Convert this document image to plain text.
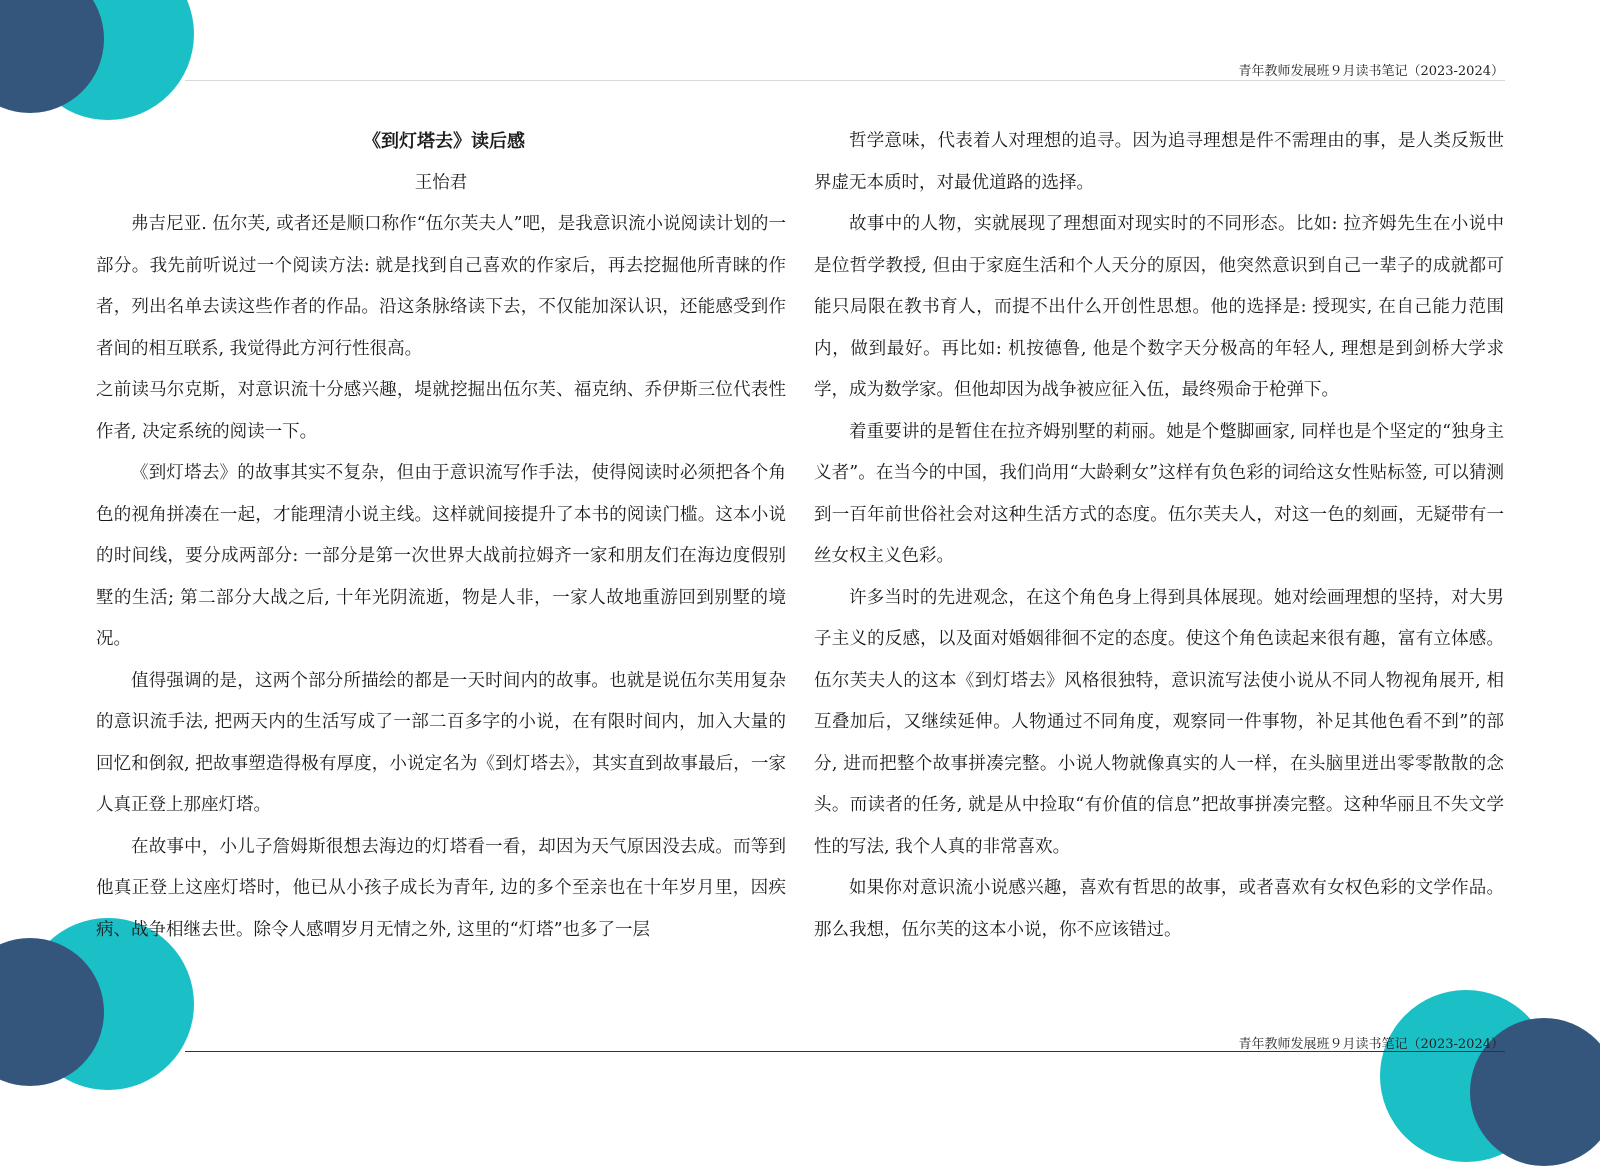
青年教师发展班９月读书笔记（2023-2024）
《到灯塔去》读后感
王怡君

弗吉尼亚. 伍尔芙, 或者还是顺口称作“伍尔芙夫人”吧，是我意识流小说阅读计划的一部分。我先前听说过一个阅读方法: 就是找到自己喜欢的作家后，再去挖掘他所青睐的作者，列出名单去读这些作者的作品。沿这条脉络读下去，不仅能加深认识，还能感受到作者间的相互联系, 我觉得此方河行性很高。

之前读马尔克斯，对意识流十分感兴趣，堤就挖掘出伍尔芙、福克纳、乔伊斯三位代表性作者, 决定系统的阅读一下。

《到灯塔去》的故事其实不复杂，但由于意识流写作手法，使得阅读时必须把各个角色的视角拼凑在一起，才能理清小说主线。这样就间接提升了本书的阅读门槛。这本小说的时间线，要分成两部分: 一部分是第一次世界大战前拉姆齐一家和朋友们在海边度假别墅的生活; 第二部分大战之后, 十年光阴流逝，物是人非，一家人故地重游回到别墅的境况。

值得强调的是，这两个部分所描绘的都是一天时间内的故事。也就是说伍尔芙用复杂的意识流手法, 把两天内的生活写成了一部二百多字的小说，在有限时间内，加入大量的回忆和倒叙, 把故事塑造得极有厚度，小说定名为《到灯塔去》，其实直到故事最后，一家人真正登上那座灯塔。

在故事中，小儿子詹姆斯很想去海边的灯塔看一看，却因为天气原因没去成。而等到他真正登上这座灯塔时，他已从小孩子成长为青年, 边的多个至亲也在十年岁月里，因疾病、战争相继去世。除令人感喟岁月无情之外, 这里的“灯塔”也多了一层

哲学意味，代表着人对理想的追寻。因为追寻理想是件不需理由的事，是人类反叛世界虚无本质时，对最优道路的选择。

故事中的人物，实就展现了理想面对现实时的不同形态。比如: 拉齐姆先生在小说中是位哲学教授, 但由于家庭生活和个人天分的原因，他突然意识到自己一辈子的成就都可能只局限在教书育人，而提不出什么开创性思想。他的选择是: 授现实, 在自己能力范围内，做到最好。再比如: 机按德鲁, 他是个数字天分极高的年轻人, 理想是到剑桥大学求学，成为数学家。但他却因为战争被应征入伍，最终殒命于枪弹下。

着重要讲的是暂住在拉齐姆别墅的莉丽。她是个蹩脚画家, 同样也是个坚定的“独身主义者”。在当今的中国，我们尚用“大龄剩女”这样有负色彩的词给这女性贴标签, 可以猜测到一百年前世俗社会对这种生活方式的态度。伍尔芙夫人，对这一色的刻画，无疑带有一丝女权主义色彩。

许多当时的先进观念，在这个角色身上得到具体展现。她对绘画理想的坚持，对大男子主义的反感，以及面对婚姻徘徊不定的态度。使这个角色读起来很有趣，富有立体感。伍尔芙夫人的这本《到灯塔去》风格很独特，意识流写法使小说从不同人物视角展开, 相互叠加后，又继续延伸。人物通过不同角度，观察同一件事物，补足其他色看不到”的部分, 进而把整个故事拼凑完整。小说人物就像真实的人一样，在头脑里迸出零零散散的念头。而读者的任务, 就是从中捡取“有价值的信息”把故事拼凑完整。这种华丽且不失文学性的写法, 我个人真的非常喜欢。

如果你对意识流小说感兴趣，喜欢有哲思的故事，或者喜欢有女权色彩的文学作品。那么我想，伍尔芙的这本小说，你不应该错过。

青年教师发展班９月读书笔记（2023-2024）
